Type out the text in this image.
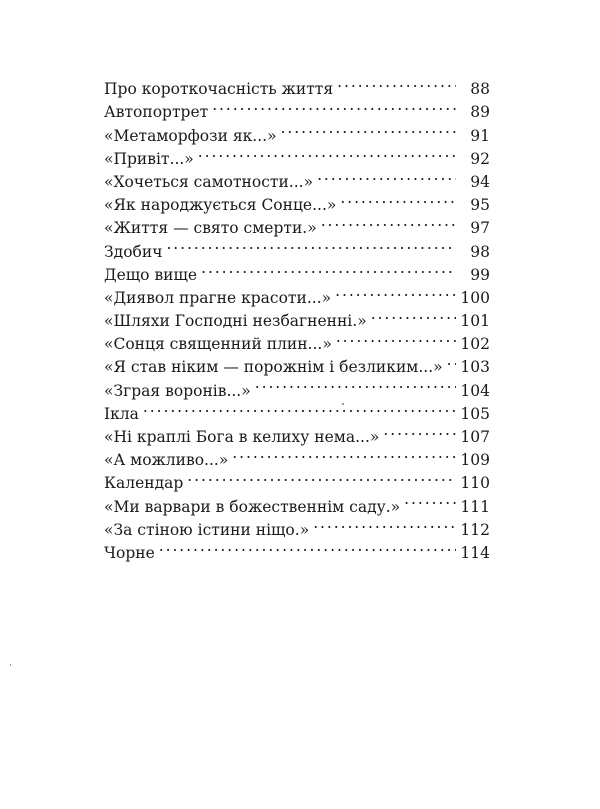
Про короткочасність життя . . .	88
Автопортрет . . .	89
«Метаморфози як...» . . .	91
«Привіт...» . . .	92
«Хочеться самотности...» . . .	94
«Як народжується Сонце...» . . .	95
«Життя — свято смерти.» . . .	97
Здобич . . .	98
Дещо вище . . .	99
«Диявол прагне красоти...» . . .	100
«Шляхи Господні незбагненні.» . . .	101
«Сонця священний плин...» . . .	102
«Я став ніким — порожнім і безликим...» . . . 103
«Зграя воронів...» . . .	104
Ікла . . .	105
«Ні краплі Бога в келиху нема...» . . .	107
«А можливо...» . . .	109
Календар . . .	110
«Ми варвари в божественнім саду.» . . .	111
«За стіною істини ніщо.» . . .	112
Чорне . . .	114
